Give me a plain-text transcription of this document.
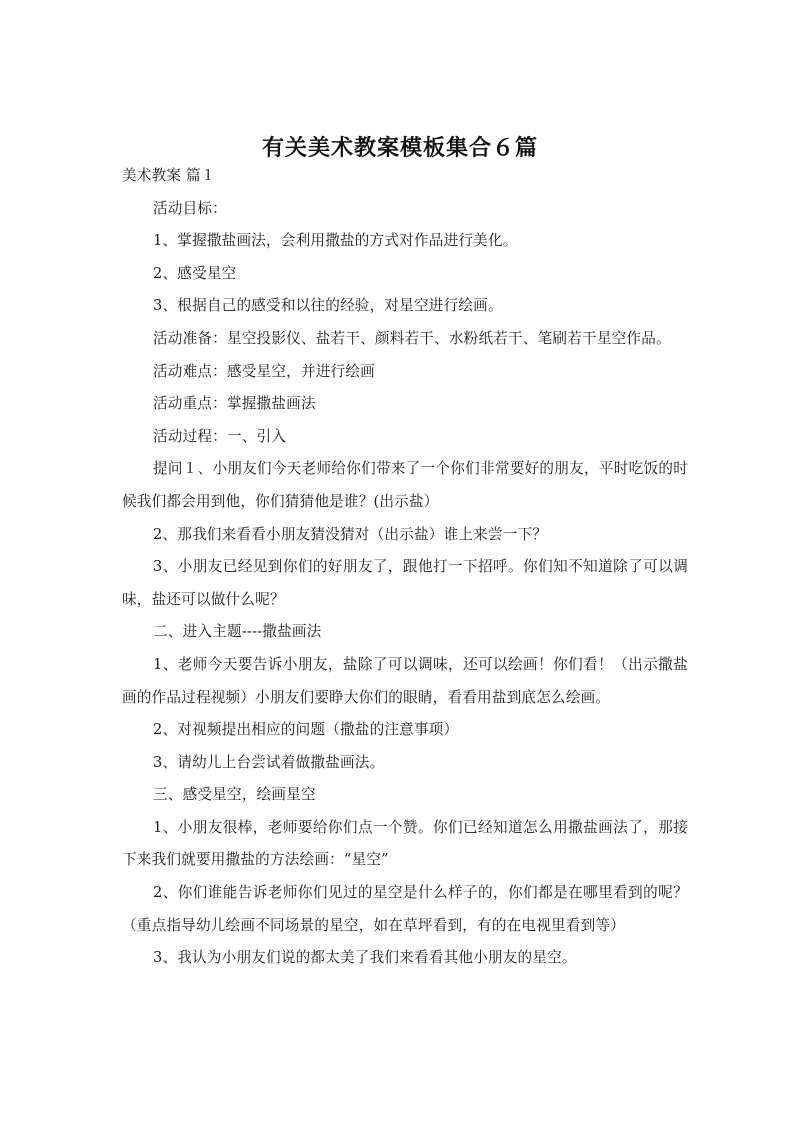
有关美术教案模板集合６篇

美术教案 篇１

活动目标：

1、掌握撒盐画法，会利用撒盐的方式对作品进行美化。

2、感受星空

3、根据自己的感受和以往的经验，对星空进行绘画。

活动准备：星空投影仪、盐若干、颜料若干、水粉纸若干、笔刷若干星空作品。

活动难点：感受星空，并进行绘画

活动重点：掌握撒盐画法

活动过程：一、引入

提问１、小朋友们今天老师给你们带来了一个你们非常要好的朋友，平时吃饭的时候我们都会用到他，你们猜猜他是谁？(出示盐）

2、那我们来看看小朋友猜没猜对（出示盐）谁上来尝一下？

3、小朋友已经见到你们的好朋友了，跟他打一下招呼。你们知不知道除了可以调味，盐还可以做什么呢？

二、进入主题----撒盐画法

1、老师今天要告诉小朋友，盐除了可以调味，还可以绘画！你们看！（出示撒盐画的作品过程视频）小朋友们要睁大你们的眼睛，看看用盐到底怎么绘画。

2、对视频提出相应的问题（撒盐的注意事项）

3、请幼儿上台尝试着做撒盐画法。

三、感受星空，绘画星空

1、小朋友很棒，老师要给你们点一个赞。你们已经知道怎么用撒盐画法了，那接下来我们就要用撒盐的方法绘画：“星空”

2、你们谁能告诉老师你们见过的星空是什么样子的，你们都是在哪里看到的呢？（重点指导幼儿绘画不同场景的星空，如在草坪看到，有的在电视里看到等）

3、我认为小朋友们说的都太美了我们来看看其他小朋友的星空。
